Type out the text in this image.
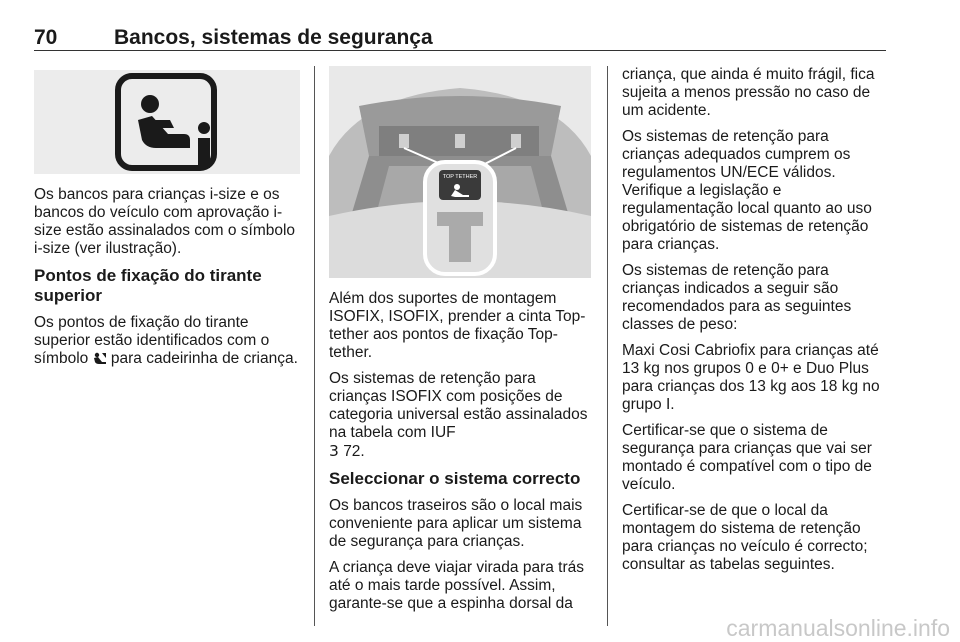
70	Bancos, sistemas de segurança

Os bancos para crianças i-size e os bancos do veículo com aprovação i-size estão assinalados com o símbolo i-size (ver ilustração).

Pontos de fixação do tirante superior

Os pontos de fixação do tirante superior estão identificados com o símbolo para cadeirinha de criança.

TOP TETHER

Além dos suportes de montagem ISOFIX, ISOFIX, prender a cinta Top-tether aos pontos de fixação Top-tether.

Os sistemas de retenção para crianças ISOFIX com posições de categoria universal estão assinalados na tabela com IUF
3 72.

Seleccionar o sistema correcto

Os bancos traseiros são o local mais conveniente para aplicar um sistema de segurança para crianças.

A criança deve viajar virada para trás até o mais tarde possível. Assim, garante-se que a espinha dorsal da

criança, que ainda é muito frágil, fica sujeita a menos pressão no caso de um acidente.

Os sistemas de retenção para crianças adequados cumprem os regulamentos UN/ECE válidos. Verifique a legislação e regulamentação local quanto ao uso obrigatório de sistemas de retenção para crianças.

Os sistemas de retenção para crianças indicados a seguir são recomendados para as seguintes classes de peso:

Maxi Cosi Cabriofix para crianças até 13 kg nos grupos 0 e 0+ e Duo Plus para crianças dos 13 kg aos 18 kg no grupo I.

Certificar-se que o sistema de segurança para crianças que vai ser montado é compatível com o tipo de veículo.

Certificar-se de que o local da montagem do sistema de retenção para crianças no veículo é correcto; consultar as tabelas seguintes.

carmanualsonline.info
